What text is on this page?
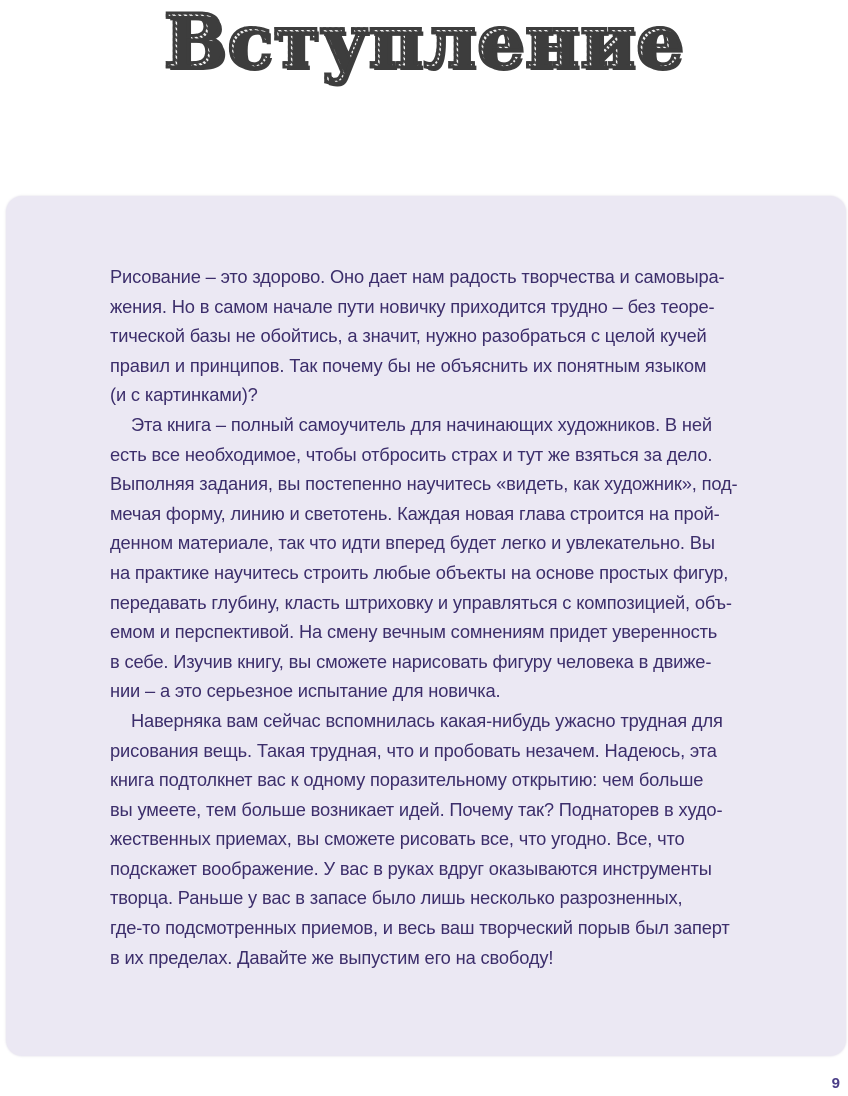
Вступление

Рисование – это здорово. Оно дает нам радость творчества и самовыра-
жения. Но в самом начале пути новичку приходится трудно – без теоре-
тической базы не обойтись, а значит, нужно разобраться с целой кучей
правил и принципов. Так почему бы не объяснить их понятным языком
(и с картинками)?

Эта книга – полный самоучитель для начинающих художников. В ней
есть все необходимое, чтобы отбросить страх и тут же взяться за дело.
Выполняя задания, вы постепенно научитесь «видеть, как художник», под-
мечая форму, линию и светотень. Каждая новая глава строится на прой-
денном материале, так что идти вперед будет легко и увлекательно. Вы
на практике научитесь строить любые объекты на основе простых фигур,
передавать глубину, класть штриховку и управляться с композицией, объ-
емом и перспективой. На смену вечным сомнениям придет уверенность
в себе. Изучив книгу, вы сможете нарисовать фигуру человека в движе-
нии – а это серьезное испытание для новичка.

Наверняка вам сейчас вспомнилась какая-нибудь ужасно трудная для
рисования вещь. Такая трудная, что и пробовать незачем. Надеюсь, эта
книга подтолкнет вас к одному поразительному открытию: чем больше
вы умеете, тем больше возникает идей. Почему так? Поднаторев в худо-
жественных приемах, вы сможете рисовать все, что угодно. Все, что
подскажет воображение. У вас в руках вдруг оказываются инструменты
творца. Раньше у вас в запасе было лишь несколько разрозненных,
где-то подсмотренных приемов, и весь ваш творческий порыв был заперт
в их пределах. Давайте же выпустим его на свободу!

9
